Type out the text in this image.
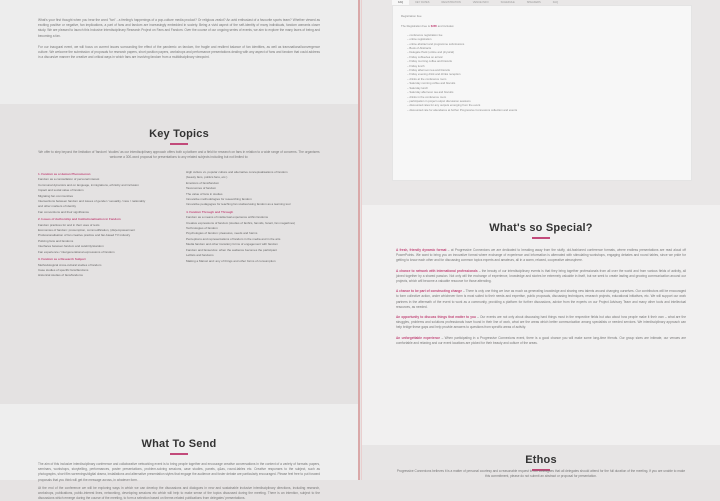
What's your first thought when you hear the word "fan" - a feeling's happenings of a pop-culture media product? Or religious zealot? An avid enthusiast of a favourite sports team? Whether viewed as exciting positive or negative, fan implications, a part of fans and fandom are increasingly embedded in society. Being a vivid aspect of the self-identity of many individuals, fandom warrants closer study. We are pleased to launch this Inclusive Interdisciplinary Research Project on Fans and Fandom. Over the course of our ongoing series of events, we aim to explore the many faces of being and becoming a fan.

For our inaugural event, we will focus on current issues surrounding the effect of the pandemic on fandom, the fragile and resilient balance of fan identities, as well as transnational/convergence culture. We welcome the submission of proposals for research papers, short position papers, workshops and performance presentations dealing with any aspect of fans and fandom that could address in a discursive manner the creative and critical ways in which fans are involving fandom from a multidisciplinary viewpoint.

Key Topics

We offer to step beyond the limitation of 'fandom' 'studies' as our interdisciplinary approach offers both a platform and a field for research on fans in relation to a wide range of concerns. The organisers welcome a 300-word proposal for presentations to any related subjects including but not limited to:

1. Fandom as a Human Phenomenon
Fandom as a constellation of personal interest
Communal dynamics and on language, immigrations, ethnicity and inclusion
Impact and social value of fandom
Migrating fan communities
Intersections between fandom and issues of gender / sexuality / race / nationality and other markers of identity
Fan conventions and their significance
2. Issues of Authorship and Institutionalisation in Fandom
Fandom practices for and in their uses of texts
Economies of fandom: prosumption, commodification, (dis)empowerment
Professionalisation of fan creative practice and fan-based TV industry
Policing fans and fandoms
Interfaces between fandom and celebrity/stardom
Fan experience / intergenerational expressions of fandom
3. Fandom as a Research Subject
Methodological cross-cultural studies of fandom
Case studies of specific fans/fandoms
Historical studies of fans/fandoms
High culture vs. popular culture and alternative conceptualisations of fandom (beauty fans, politics fans, etc.)
Emotions of fans/fandom
Taxonomies of fandom
The value of fans in studies
Innovative methodologies for researching fandom
Innovative pedagogies for teaching fan studies/using fandom as a learning tool
4. Fandom Through and Through
Fandom as a means of intellectual experience within fandoms
Creative expressions of fandom (studies of fanfics, fanvids, fanart, fan magazines)
Technologies of fandom
Psychologies of fandom: pleasures, needs and harms
Perceptions and representations of fandom in the media and in the arts
Media fandom and other transitory forms of engagement with fandom
Fandom and fanservice: when the audience becomes the participant
Leftists and fandoms
Making a Marvel and: any of things and other forms of consumption
What To Send

The aim of this inclusive interdisciplinary conference and collaborative networking event is to bring people together and encourage creative conversations in the context of a variety of formats: papers, seminars, workshops, storytelling, performances, poster presentations, problem-solving sessions, case studies, panels, q&as, round-tables etc. Creative responses to the subject, such as photographs, short film screenings/digital drama, installations and alternative presentation styles that engage the audience and foster debate are particularly encouraged. Please feel free to put forward proposals that you think will get the message across, in whatever form.

At the end of the conference we will be exploring ways in which we can develop the discussions and dialogues in new and sustainable inclusive interdisciplinary directions, including research, workshops, publications, public-interest lines, networking, developing sessions etc which will help to make sense of the topics discussed during the meeting. There is an intention, subject to the discussions which emerge during the course of the meeting, to form a selection based on theme-related publications from delegates' presentations.

FAQ	KEY DATES	REGISTRATION	VENUE INFO	SCHEDULE	SPEAKERS	FAQ
Registration Fee
The Registration Fee is $385 and includes:
– conference registration fee
– online registration
– online abstract and programme submissions
– Book of Abstracts
– Delegate Pack (online and physical)
– Friday coffee/tea on arrival
– Friday morning coffee and biscuits
– Friday lunch
– Friday afternoon tea and biscuits
– Friday evening drink and drinks reception
– drinks at the conference room
– Saturday morning coffee and biscuits
– Saturday lunch
– Saturday afternoon tea and biscuits
– drinks in the conference room
– participation in project output discussion sessions
– discounted rates for any outputs emerging from the event
– discounted rate for attendance at further Progressive Connexions collection and events
What's so Special?

A fresh, friendly dynamic format – at Progressive Connexions we are dedicated to breaking away from the stuffy, old-fashioned conference formats, where endless presentations are read aloud off PowerPoints. We want to bring you an innovative format where exchange of experience and information is alternated with stimulating workshops, engaging debates and round tables, since we pride for getting to know each other and for discussing common topics experts and amateurs, all in a warm, relaxed, cooperative atmosphere.

A chance to network with international professionals – the beauty of our interdisciplinary events is that they bring together professionals from all over the world and from various fields of activity, all joined together by a shared passion. Not only will the exchange of experience, knowledge and stories be extremely valuable in itself, but we seek to create lasting and growing communication around our projects, which will become a valuable resource for those attending.

A chance to be part of constructing change – There is only one thing we love as much as generating knowledge and sharing new talents around changing ourselves. Our contributors will be encouraged to form collective action, under whichever form is most suited to their needs and expertise, public proposals, discussing techniques, research projects, educational initiatives, etc. We will support our work partners in the aftermath of the event to work as a community, providing a platform for further discussions, advice from the experts on our Project Advisory Team and many other tools and intellectual resources, as needed.

An opportunity to discuss things that matter to you – Our events are not only about discussing hard things most in the respective fields but also about how people make it their own – what are the struggles, problems and solutions professionals have found in their line of work, what are the areas which better communication among specialists or needed services. We interdisciplinary approach can help bridge these gaps and help provide answers to questions from specific areas of activity.

An unforgettable experience – When participating in a Progressive Connexions event, there is a good chance you will make some long-time friends. Our group sizes are intimate, our venues are comfortable and relaxing and our event locations are picked for their beauty and culture of the areas.

Ethos

Progressive Connexions believes it is a matter of personal courtesy and a reasonable request to our colleagues that all delegates should attend for the full duration of the meeting. If you are unable to make this commitment, please do not submit an abstract or proposal for presentation.
